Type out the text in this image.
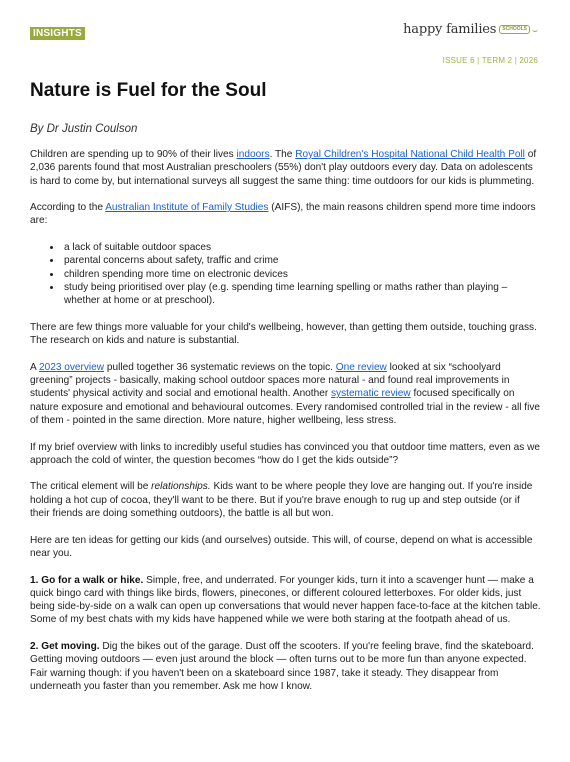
INSIGHTS	happy families	SCHOOLS
ISSUE 6 | TERM 2 | 2026
Nature is Fuel for the Soul
By Dr Justin Coulson

Children are spending up to 90% of their lives indoors. The Royal Children's Hospital National Child Health Poll of 2,036 parents found that most Australian preschoolers (55%) don't play outdoors every day. Data on adolescents is hard to come by, but international surveys all suggest the same thing: time outdoors for our kids is plummeting.

According to the Australian Institute of Family Studies (AIFS), the main reasons children spend more time indoors are:

• a lack of suitable outdoor spaces
• parental concerns about safety, traffic and crime
• children spending more time on electronic devices
• study being prioritised over play (e.g. spending time learning spelling or maths rather than playing – whether at home or at preschool).

There are few things more valuable for your child's wellbeing, however, than getting them outside, touching grass. The research on kids and nature is substantial.

A 2023 overview pulled together 36 systematic reviews on the topic. One review looked at six “schoolyard greening” projects - basically, making school outdoor spaces more natural - and found real improvements in students' physical activity and social and emotional health. Another systematic review focused specifically on nature exposure and emotional and behavioural outcomes. Every randomised controlled trial in the review - all five of them - pointed in the same direction. More nature, higher wellbeing, less stress.

If my brief overview with links to incredibly useful studies has convinced you that outdoor time matters, even as we approach the cold of winter, the question becomes “how do I get the kids outside”?

The critical element will be relationships. Kids want to be where people they love are hanging out. If you're inside holding a hot cup of cocoa, they'll want to be there. But if you're brave enough to rug up and step outside (or if their friends are doing something outdoors), the battle is all but won.

Here are ten ideas for getting our kids (and ourselves) outside. This will, of course, depend on what is accessible near you.

1. Go for a walk or hike. Simple, free, and underrated. For younger kids, turn it into a scavenger hunt — make a quick bingo card with things like birds, flowers, pinecones, or different coloured letterboxes. For older kids, just being side-by-side on a walk can open up conversations that would never happen face-to-face at the kitchen table. Some of my best chats with my kids have happened while we were both staring at the footpath ahead of us.

2. Get moving. Dig the bikes out of the garage. Dust off the scooters. If you're feeling brave, find the skateboard. Getting moving outdoors — even just around the block — often turns out to be more fun than anyone expected. Fair warning though: if you haven't been on a skateboard since 1987, take it steady. They disappear from underneath you faster than you remember. Ask me how I know.
